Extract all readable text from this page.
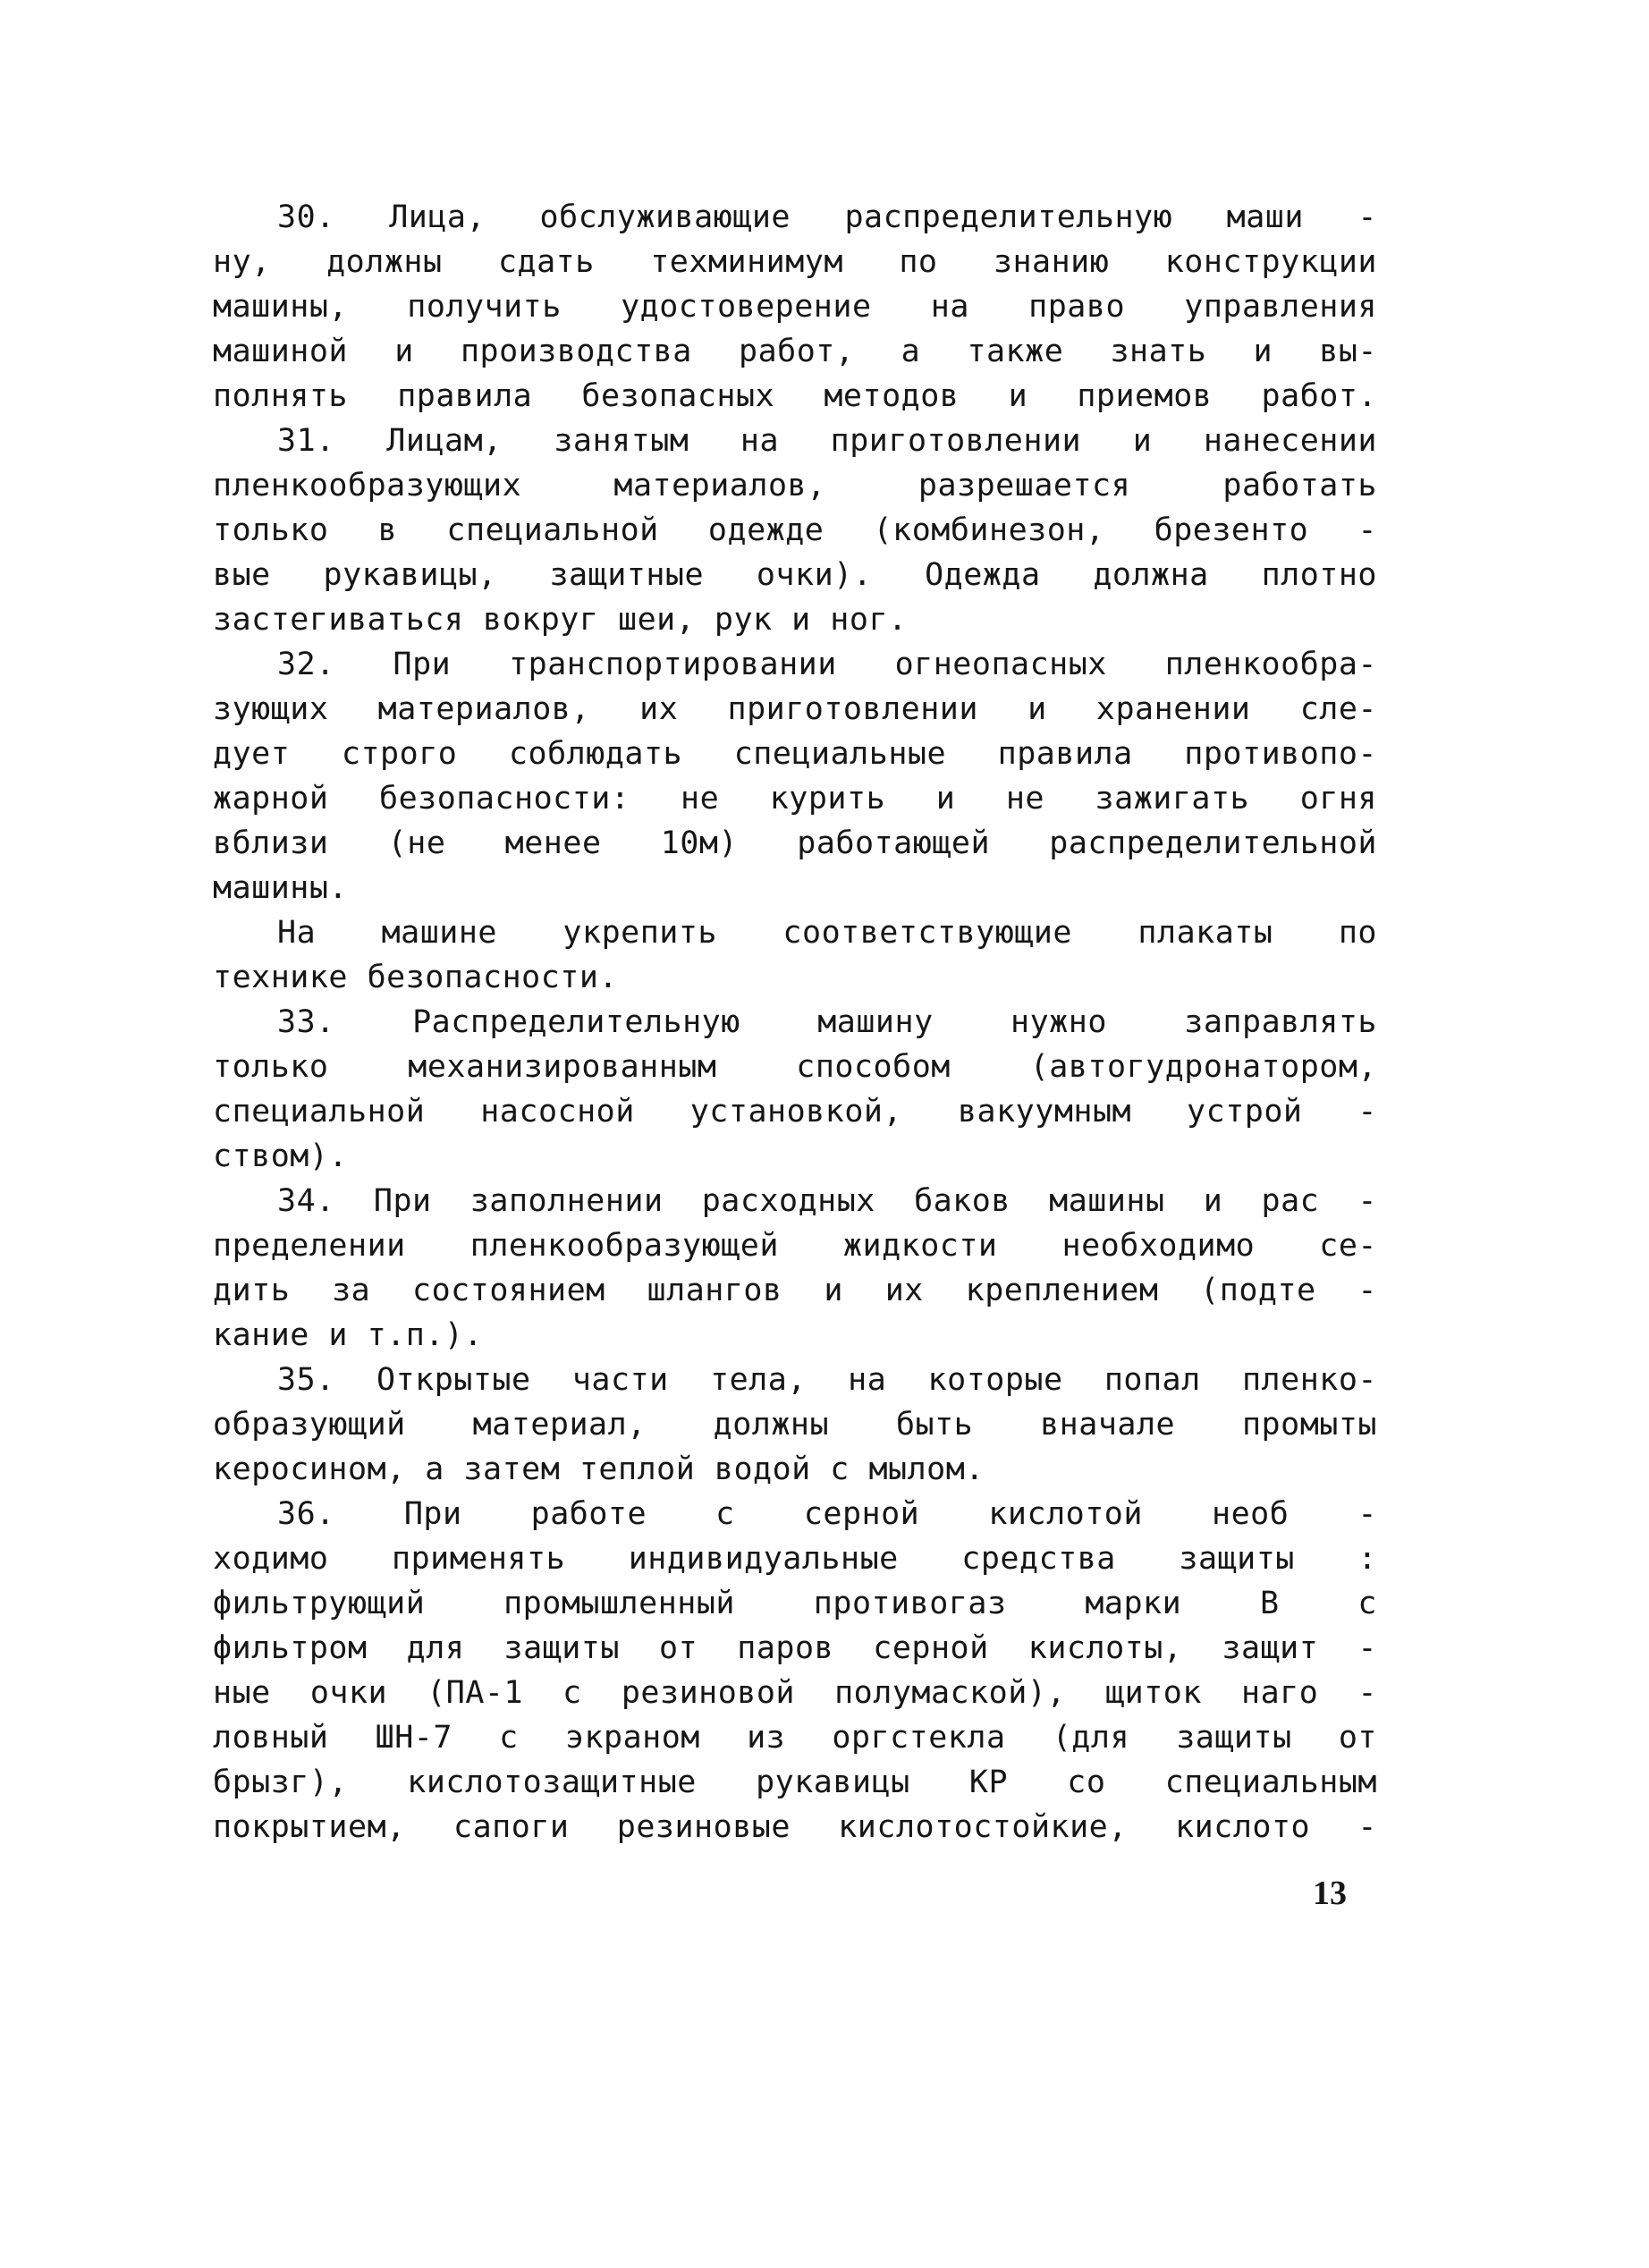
30. Лица, обслуживающие распределительную маши -
ну, должны сдать техминимум по знанию конструкции
машины, получить удостоверение на право управления
машиной и производства работ, а также знать и вы-
полнять правила безопасных методов и приемов работ.
31. Лицам, занятым на приготовлении и нанесении
пленкообразующих материалов, разрешается работать
только в специальной одежде (комбинезон, брезенто -
вые рукавицы, защитные очки). Одежда должна плотно
застегиваться вокруг шеи, рук и ног.
32. При транспортировании огнеопасных пленкообра-
зующих материалов, их приготовлении и хранении сле-
дует строго соблюдать специальные правила противопо-
жарной безопасности: не курить и не зажигать огня
вблизи (не менее 10м) работающей распределительной
машины.
На машине укрепить соответствующие плакаты по
технике безопасности.
33. Распределительную машину нужно заправлять
только механизированным способом (автогудронатором,
специальной насосной установкой, вакуумным устрой -
ством).
34. При заполнении расходных баков машины и рас -
пределении пленкообразующей жидкости необходимо се-
дить за состоянием шлангов и их креплением (подте -
кание и т.п.).
35. Открытые части тела, на которые попал пленко-
образующий материал, должны быть вначале промыты
керосином, а затем теплой водой с мылом.
36. При работе с серной кислотой необ -
ходимо применять индивидуальные средства защиты :
фильтрующий промышленный противогаз марки В с
фильтром для защиты от паров серной кислоты, защит -
ные очки (ПА-1 с резиновой полумаской), щиток наго -
ловный ШН-7 с экраном из оргстекла (для защиты от
брызг), кислотозащитные рукавицы КР со специальным
покрытием, сапоги резиновые кислотостойкие, кислото -
13
